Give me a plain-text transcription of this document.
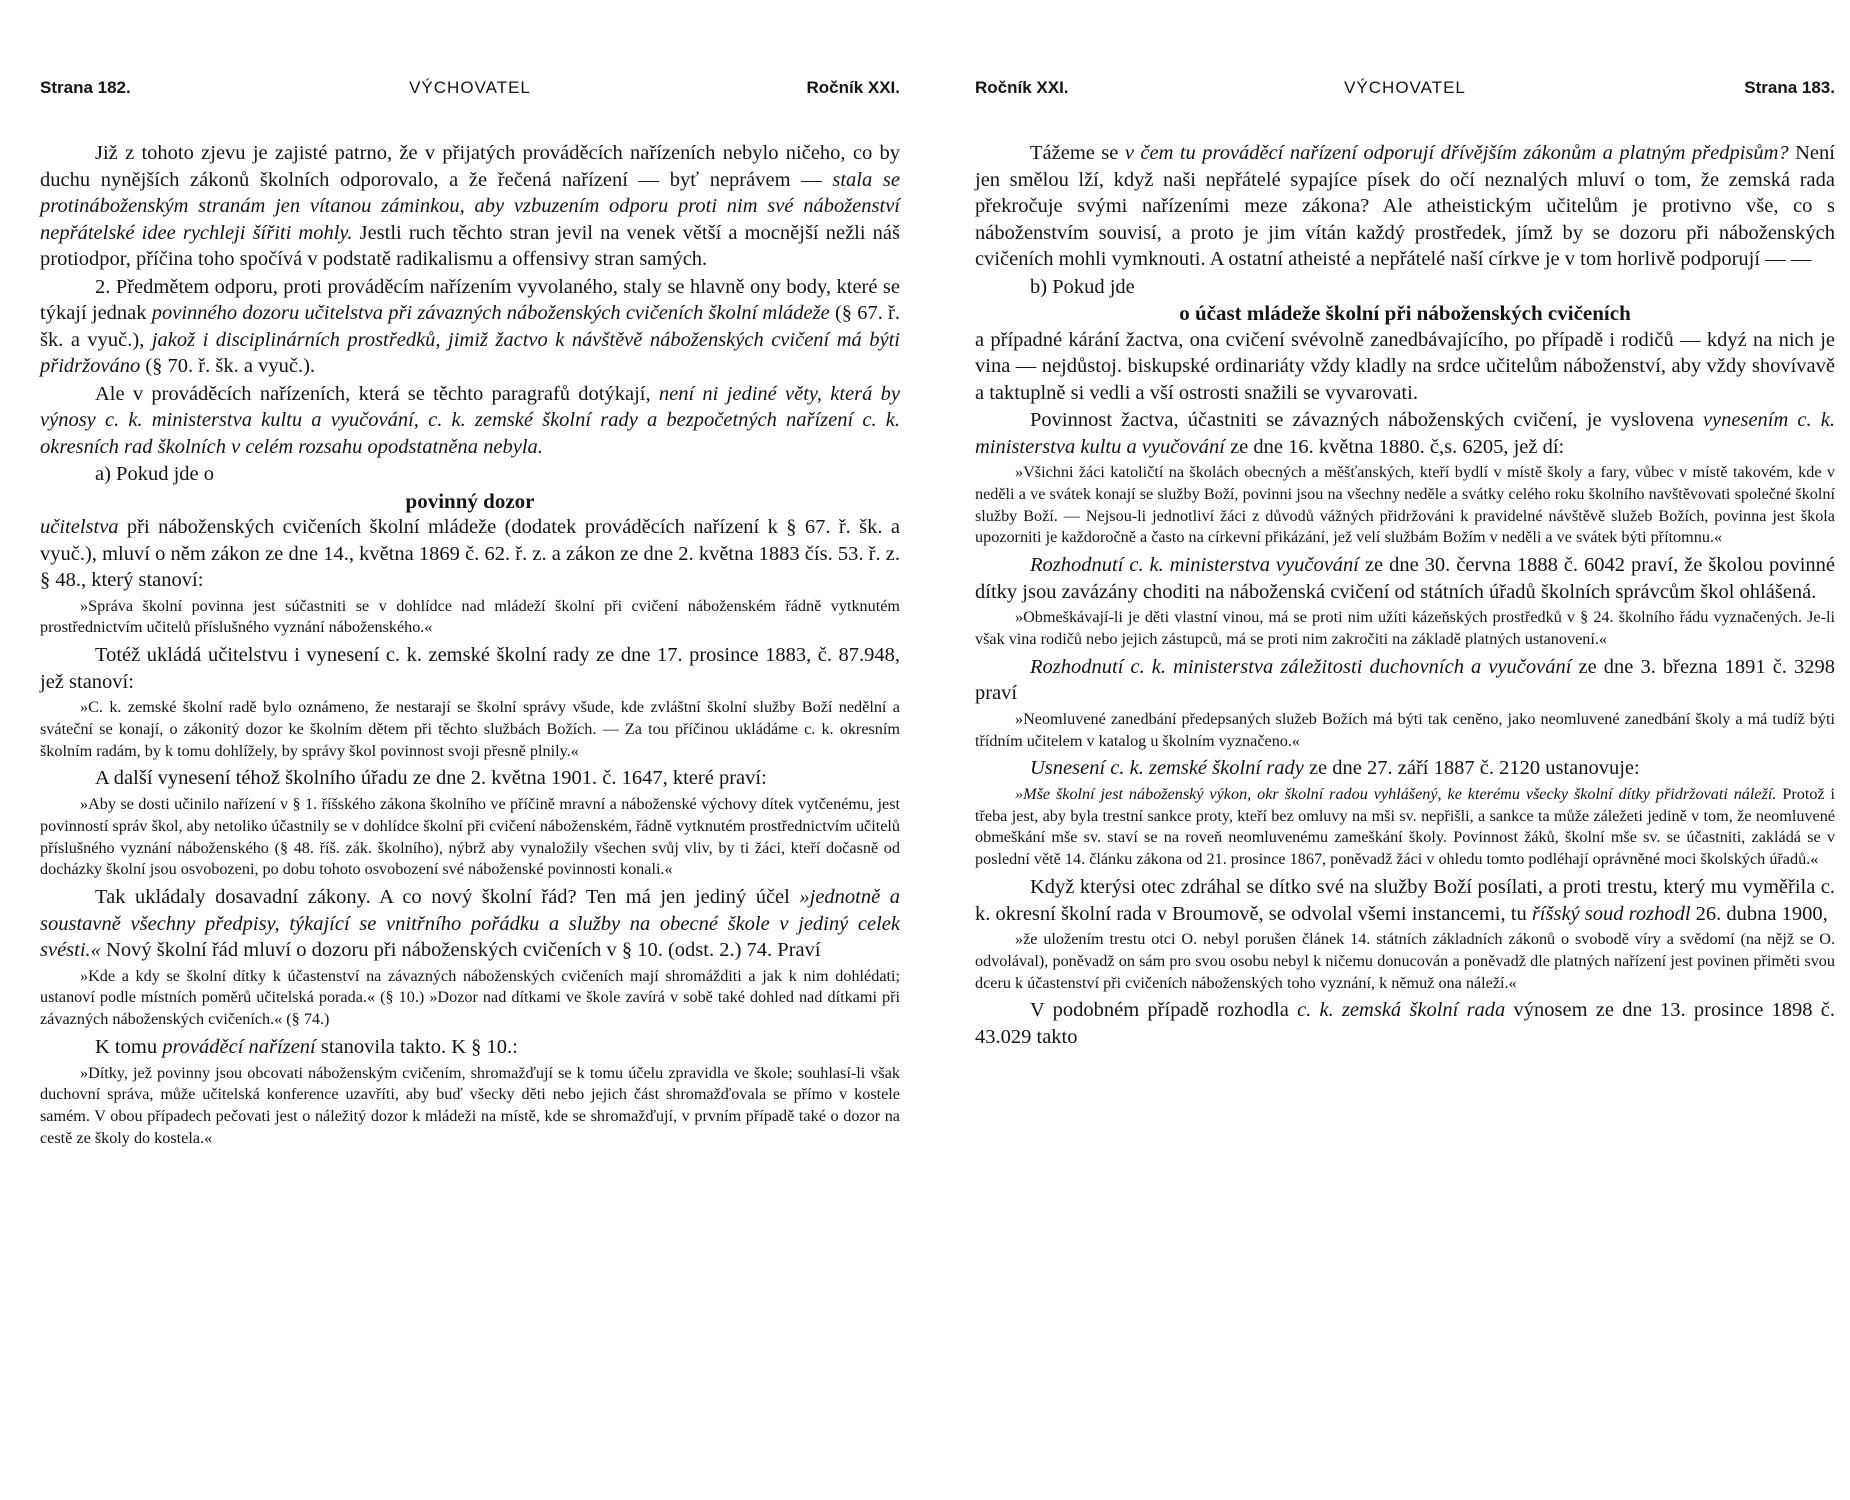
Strana 182.	VÝCHOVATEL	Ročník XXI.

Již z tohoto zjevu je zajisté patrno, že v přijatých prováděcích nařízeních nebylo ničeho, co by duchu nynějších zákonů školních odporovalo, a že řečená nařízení — byť neprávem — stala se protináboženským stranám jen vítanou záminkou, aby vzbuzením odporu proti nim své náboženství nepřátelské idee rychleji šířiti mohly. Jestli ruch těchto stran jevil na venek větší a mocnější nežli náš protiodpor, příčina toho spočívá v podstatě radikalismu a offensivy stran samých.

2. Předmětem odporu, proti prováděcím nařízením vyvolaného, staly se hlavně ony body, které se týkají jednak povinného dozoru učitelstva při závazných náboženských cvičeních školní mládeže (§ 67. ř. šk. a vyuč.), jakož i disciplinárních prostředků, jimiž žactvo k návštěvě náboženských cvičení má býti přidržováno (§ 70. ř. šk. a vyuč.).

Ale v prováděcích nařízeních, která se těchto paragrafů dotýkají, není ni jediné věty, která by výnosy c. k. ministerstva kultu a vyučování, c. k. zemské školní rady a bezpočetných nařízení c. k. okresních rad školních v celém rozsahu opodstatněna nebyla.

a) Pokud jde o

povinný dozor

učitelstva při náboženských cvičeních školní mládeže (dodatek prováděcích nařízení k § 67. ř. šk. a vyuč.), mluví o něm zákon ze dne 14., května 1869 č. 62. ř. z. a zákon ze dne 2. května 1883 čís. 53. ř. z. § 48., který stanoví:

»Správa školní povinna jest súčastniti se v dohlídce nad mládeží školní při cvičení náboženském řádně vytknutém prostřednictvím učitelů příslušného vyznání náboženského.«

Totéž ukládá učitelstvu i vynesení c. k. zemské školní rady ze dne 17. prosince 1883, č. 87.948, jež stanoví:

»C. k. zemské školní radě bylo oznámeno, že nestarají se školní správy všude, kde zvláštní školní služby Boží nedělní a sváteční se konají, o zákonitý dozor ke školním dětem při těchto službách Božích. — Za tou příčinou ukládáme c. k. okresním školním radám, by k tomu dohlížely, by správy škol povinnost svoji přesně plnily.«

A další vynesení téhož školního úřadu ze dne 2. května 1901. č. 1647, které praví:

»Aby se dosti učinilo nařízení v § 1. říšského zákona školního ve příčině mravní a náboženské výchovy dítek vytčenému, jest povinností správ škol, aby netoliko účastnily se v dohlídce školní při cvičení náboženském, řádně vytknutém prostřednictvím učitelů příslušného vyznání náboženského (§ 48. říš. zák. školního), nýbrž aby vynaložily všechen svůj vliv, by ti žáci, kteří dočasně od docházky školní jsou osvobozeni, po dobu tohoto osvobození své náboženské povinnosti konali.«

Tak ukládaly dosavadní zákony. A co nový školní řád? Ten má jen jediný účel »jednotně a soustavně všechny předpisy, týkající se vnitřního pořádku a služby na obecné škole v jediný celek svésti.« Nový školní řád mluví o dozoru při náboženských cvičeních v § 10. (odst. 2.) 74. Praví

»Kde a kdy se školní dítky k účastenství na závazných náboženských cvičeních mají shromážditi a jak k nim dohlédati; ustanoví podle místních poměrů učitelská porada.« (§ 10.) »Dozor nad dítkami ve škole zavírá v sobě také dohled nad dítkami při závazných náboženských cvičeních.« (§ 74.)

K tomu prováděcí nařízení stanovila takto. K § 10.:

»Dítky, jež povinny jsou obcovati náboženským cvičením, shromažďují se k tomu účelu zpravidla ve škole; souhlasí-li však duchovní správa, může učitelská konference uzavříti, aby buď všecky děti nebo jejich část shromažďovala se přímo v kostele samém. V obou případech pečovati jest o náležitý dozor k mládeži na místě, kde se shromažďují, v prvním případě také o dozor na cestě ze školy do kostela.«

Ročník XXI.	VÝCHOVATEL	Strana 183.

Tážeme se v čem tu prováděcí nařízení odporují dřívějším zákonům a platným předpisům? Není jen smělou lží, když naši nepřátelé sypajíce písek do očí neznalých mluví o tom, že zemská rada překročuje svými nařízeními meze zákona? Ale atheistickým učitelům je protivno vše, co s náboženstvím souvisí, a proto je jim vítán každý prostředek, jímž by se dozoru při náboženských cvičeních mohli vymknouti. A ostatní atheisté a nepřátelé naší církve je v tom horlivě podporují — —

b) Pokud jde

o účast mládeže školní při náboženských cvičeních

a případné kárání žactva, ona cvičení svévolně zanedbávajícího, po případě i rodičů — kdyź na nich je vina — nejdůstoj. biskupské ordinariáty vždy kladly na srdce učitelům náboženství, aby vždy shovívavě a taktuplně si vedli a vší ostrosti snažili se vyvarovati.

Povinnost žactva, účastniti se závazných náboženských cvičení, je vyslovena vynesením c. k. ministerstva kultu a vyučování ze dne 16. května 1880. č,s. 6205, jež dí:

»Všichni žáci katoličtí na školách obecných a měšťanských, kteří bydlí v místě školy a fary, vůbec v místě takovém, kde v neděli a ve svátek konají se služby Boží, povinni jsou na všechny neděle a svátky celého roku školního navštěvovati společné školní služby Boží. — Nejsou-li jednotliví žáci z důvodů vážných přidržováni k pravidelné návštěvě služeb Božích, povinna jest škola upozorniti je každoročně a často na církevní přikázání, jež velí službám Božím v neděli a ve svátek býti přítomnu.«

Rozhodnutí c. k. ministerstva vyučování ze dne 30. června 1888 č. 6042 praví, že školou povinné dítky jsou zavázány choditi na náboženská cvičení od státních úřadů školních správcům škol ohlášená.

»Obmeškávají-li je děti vlastní vinou, má se proti nim užíti kázeňských prostředků v § 24. školního řádu vyznačených. Je-li však vina rodičů nebo jejich zástupců, má se proti nim zakročiti na základě platných ustanovení.«

Rozhodnutí c. k. ministerstva záležitosti duchovních a vyučování ze dne 3. března 1891 č. 3298 praví

»Neomluvené zanedbání předepsaných služeb Božích má býti tak ceněno, jako neomluvené zanedbání školy a má tudíž býti třídním učitelem v katalog u školním vyznačeno.«

Usnesení c. k. zemské školní rady ze dne 27. září 1887 č. 2120 ustanovuje:

»Mše školní jest náboženský výkon, okr školní radou vyhlášený, ke kterému všecky školní dítky přidržovati náleží. Protož i třeba jest, aby byla trestní sankce proty, kteří bez omluvy na mši sv. nepřišli, a sankce ta může záležeti jedině v tom, že neomluvené obmeškání mše sv. staví se na roveň neomluvenému zameškání školy. Povinnost žáků, školní mše sv. se účastniti, zakládá se v poslední větě 14. článku zákona od 21. prosince 1867, poněvadž žáci v ohledu tomto podléhají oprávněné moci školských úřadů.«

Když kterýsi otec zdráhal se dítko své na služby Boží posílati, a proti trestu, který mu vyměřila c. k. okresní školní rada v Broumově, se odvolal všemi instancemi, tu říšský soud rozhodl 26. dubna 1900,

»že uložením trestu otci O. nebyl porušen článek 14. státních základních zákonů o svobodě víry a svědomí (na nějž se O. odvolával), poněvadž on sám pro svou osobu nebyl k ničemu donucován a poněvadž dle platných nařízení jest povinen přiměti svou dceru k účastenství při cvičeních náboženských toho vyznání, k němuž ona náleží.«

V podobném případě rozhodla c. k. zemská školní rada výnosem ze dne 13. prosince 1898 č. 43.029 takto
